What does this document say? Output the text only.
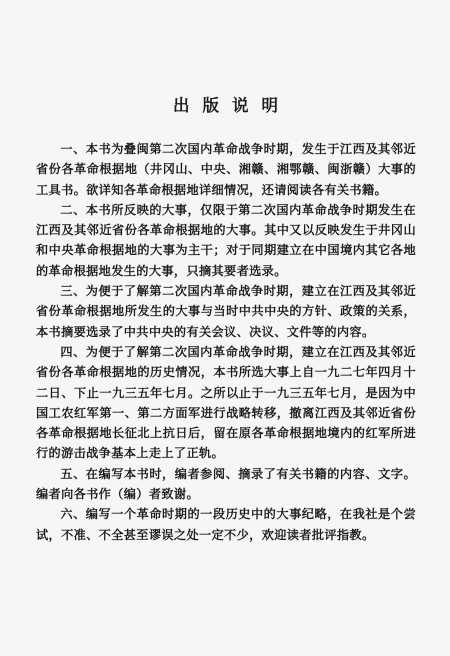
出版说明

一、本书为叠闽第二次国内革命战争时期，发生于江西及其邻近省份各革命根据地（井冈山、中央、湘赣、湘鄂赣、闽浙赣）大事的工具书。欲详知各革命根据地详细情况，还请阅读各有关书籍。

二、本书所反映的大事，仅限于第二次国内革命战争时期发生在江西及其邻近省份各革命根据地的大事。其中又以反映发生于井冈山和中央革命根据地的大事为主干；对于同期建立在中国境内其它各地的革命根据地发生的大事，只摘其要者选录。

三、为便于了解第二次国内革命战争时期，建立在江西及其邻近省份革命根据地所发生的大事与当时中共中央的方针、政策的关系，本书摘要选录了中共中央的有关会议、决议、文件等的内容。

四、为便于了解第二次国内革命战争时期，建立在江西及其邻近省份各革命根据地的历史情况，本书所选大事上自一九二七年四月十二日、下止一九三五年七月。之所以止于一九三五年七月，是因为中国工农红军第一、第二方面军进行战略转移，撤离江西及其邻近省份各革命根据地长征北上抗日后，留在原各革命根据地境内的红军所进行的游击战争基本上走上了正轨。

五、在编写本书时，编者参阅、摘录了有关书籍的内容、文字。编者向各书作（编）者致谢。

六、编写一个革命时期的一段历史中的大事纪略，在我社是个尝试，不准、不全甚至谬误之处一定不少，欢迎读者批评指教。
